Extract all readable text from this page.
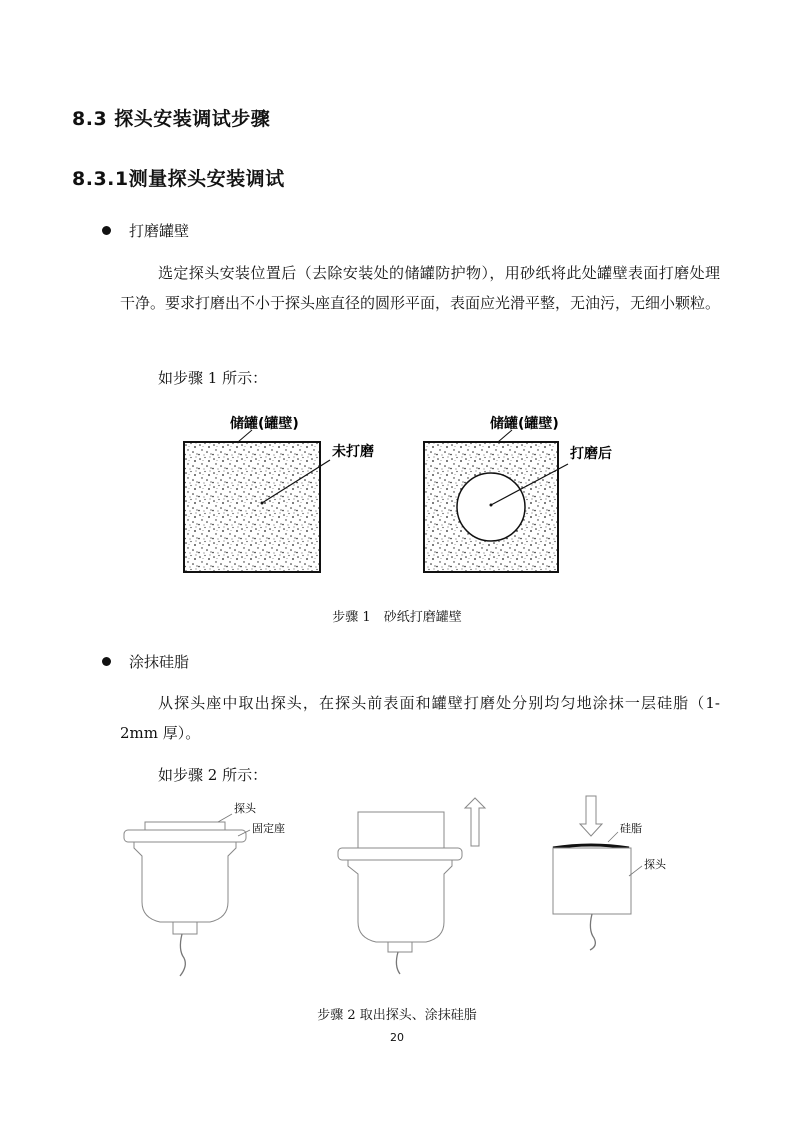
8.3 探头安装调试步骤
8.3.1测量探头安装调试
打磨罐壁

选定探头安装位置后（去除安装处的储罐防护物），用砂纸将此处罐壁表面打磨处理干净。要求打磨出不小于探头座直径的圆形平面，表面应光滑平整，无油污，无细小颗粒。

如步骤 1 所示：
储罐(罐壁)
未打磨
储罐(罐壁)
打磨后
步骤 1　砂纸打磨罐壁
涂抹硅脂

从探头座中取出探头，在探头前表面和罐壁打磨处分别均匀地涂抹一层硅脂（1-2mm 厚）。

如步骤 2 所示：
探头
固定座	硅脂
探头
步骤 2 取出探头、涂抹硅脂
20
